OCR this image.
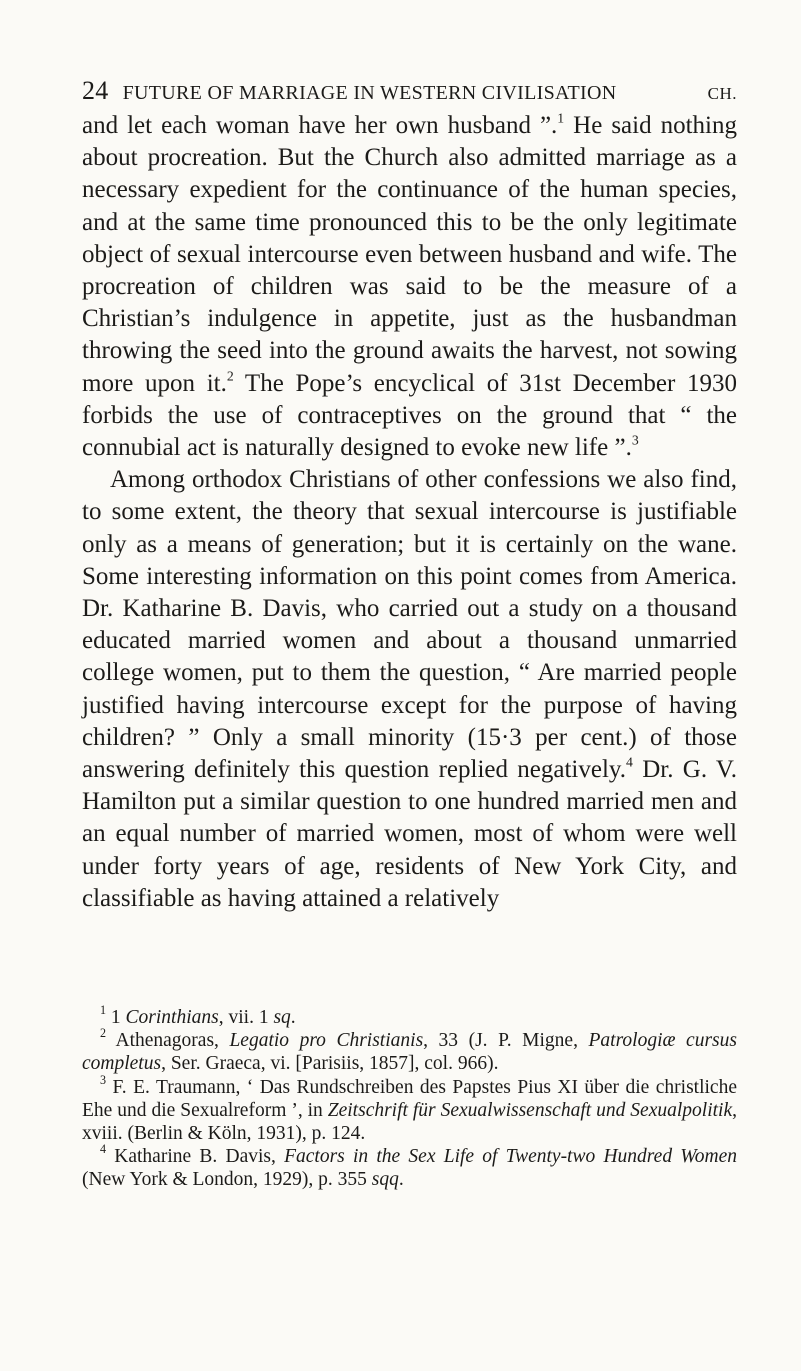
24 FUTURE OF MARRIAGE IN WESTERN CIVILISATION	CH.

and let each woman have her own husband ”.$^1$ He said nothing about procreation. But the Church also admitted marriage as a necessary expedient for the continuance of the human species, and at the same time pronounced this to be the only legitimate object of sexual intercourse even between husband and wife. The procreation of children was said to be the measure of a Christian’s indulgence in appetite, just as the husbandman throwing the seed into the ground awaits the harvest, not sowing more upon it.$^2$ The Pope’s encyclical of 31st December 1930 forbids the use of contraceptives on the ground that “ the connubial act is naturally designed to evoke new life ”.$^3$

Among orthodox Christians of other confessions we also find, to some extent, the theory that sexual intercourse is justifiable only as a means of generation; but it is certainly on the wane. Some interesting information on this point comes from America. Dr. Katharine B. Davis, who carried out a study on a thousand educated married women and about a thousand unmarried college women, put to them the question, “ Are married people justified having intercourse except for the purpose of having children? ” Only a small minority (15·3 per cent.) of those answering definitely this question replied negatively.$^4$ Dr. G. V. Hamilton put a similar question to one hundred married men and an equal number of married women, most of whom were well under forty years of age, residents of New York City, and classifiable as having attained a relatively

$^1$ 1 Corinthians, vii. 1 sq.

$^2$ Athenagoras, Legatio pro Christianis, 33 (J. P. Migne, Patrologiæ cursus completus, Ser. Graeca, vi. [Parisiis, 1857], col. 966).

$^3$ F. E. Traumann, ‘ Das Rundschreiben des Papstes Pius XI über die christliche Ehe und die Sexualreform ’, in Zeitschrift für Sexualwissenschaft und Sexualpolitik, xviii. (Berlin & Köln, 1931), p. 124.

$^4$ Katharine B. Davis, Factors in the Sex Life of Twenty-two Hundred Women (New York & London, 1929), p. 355 sqq.
